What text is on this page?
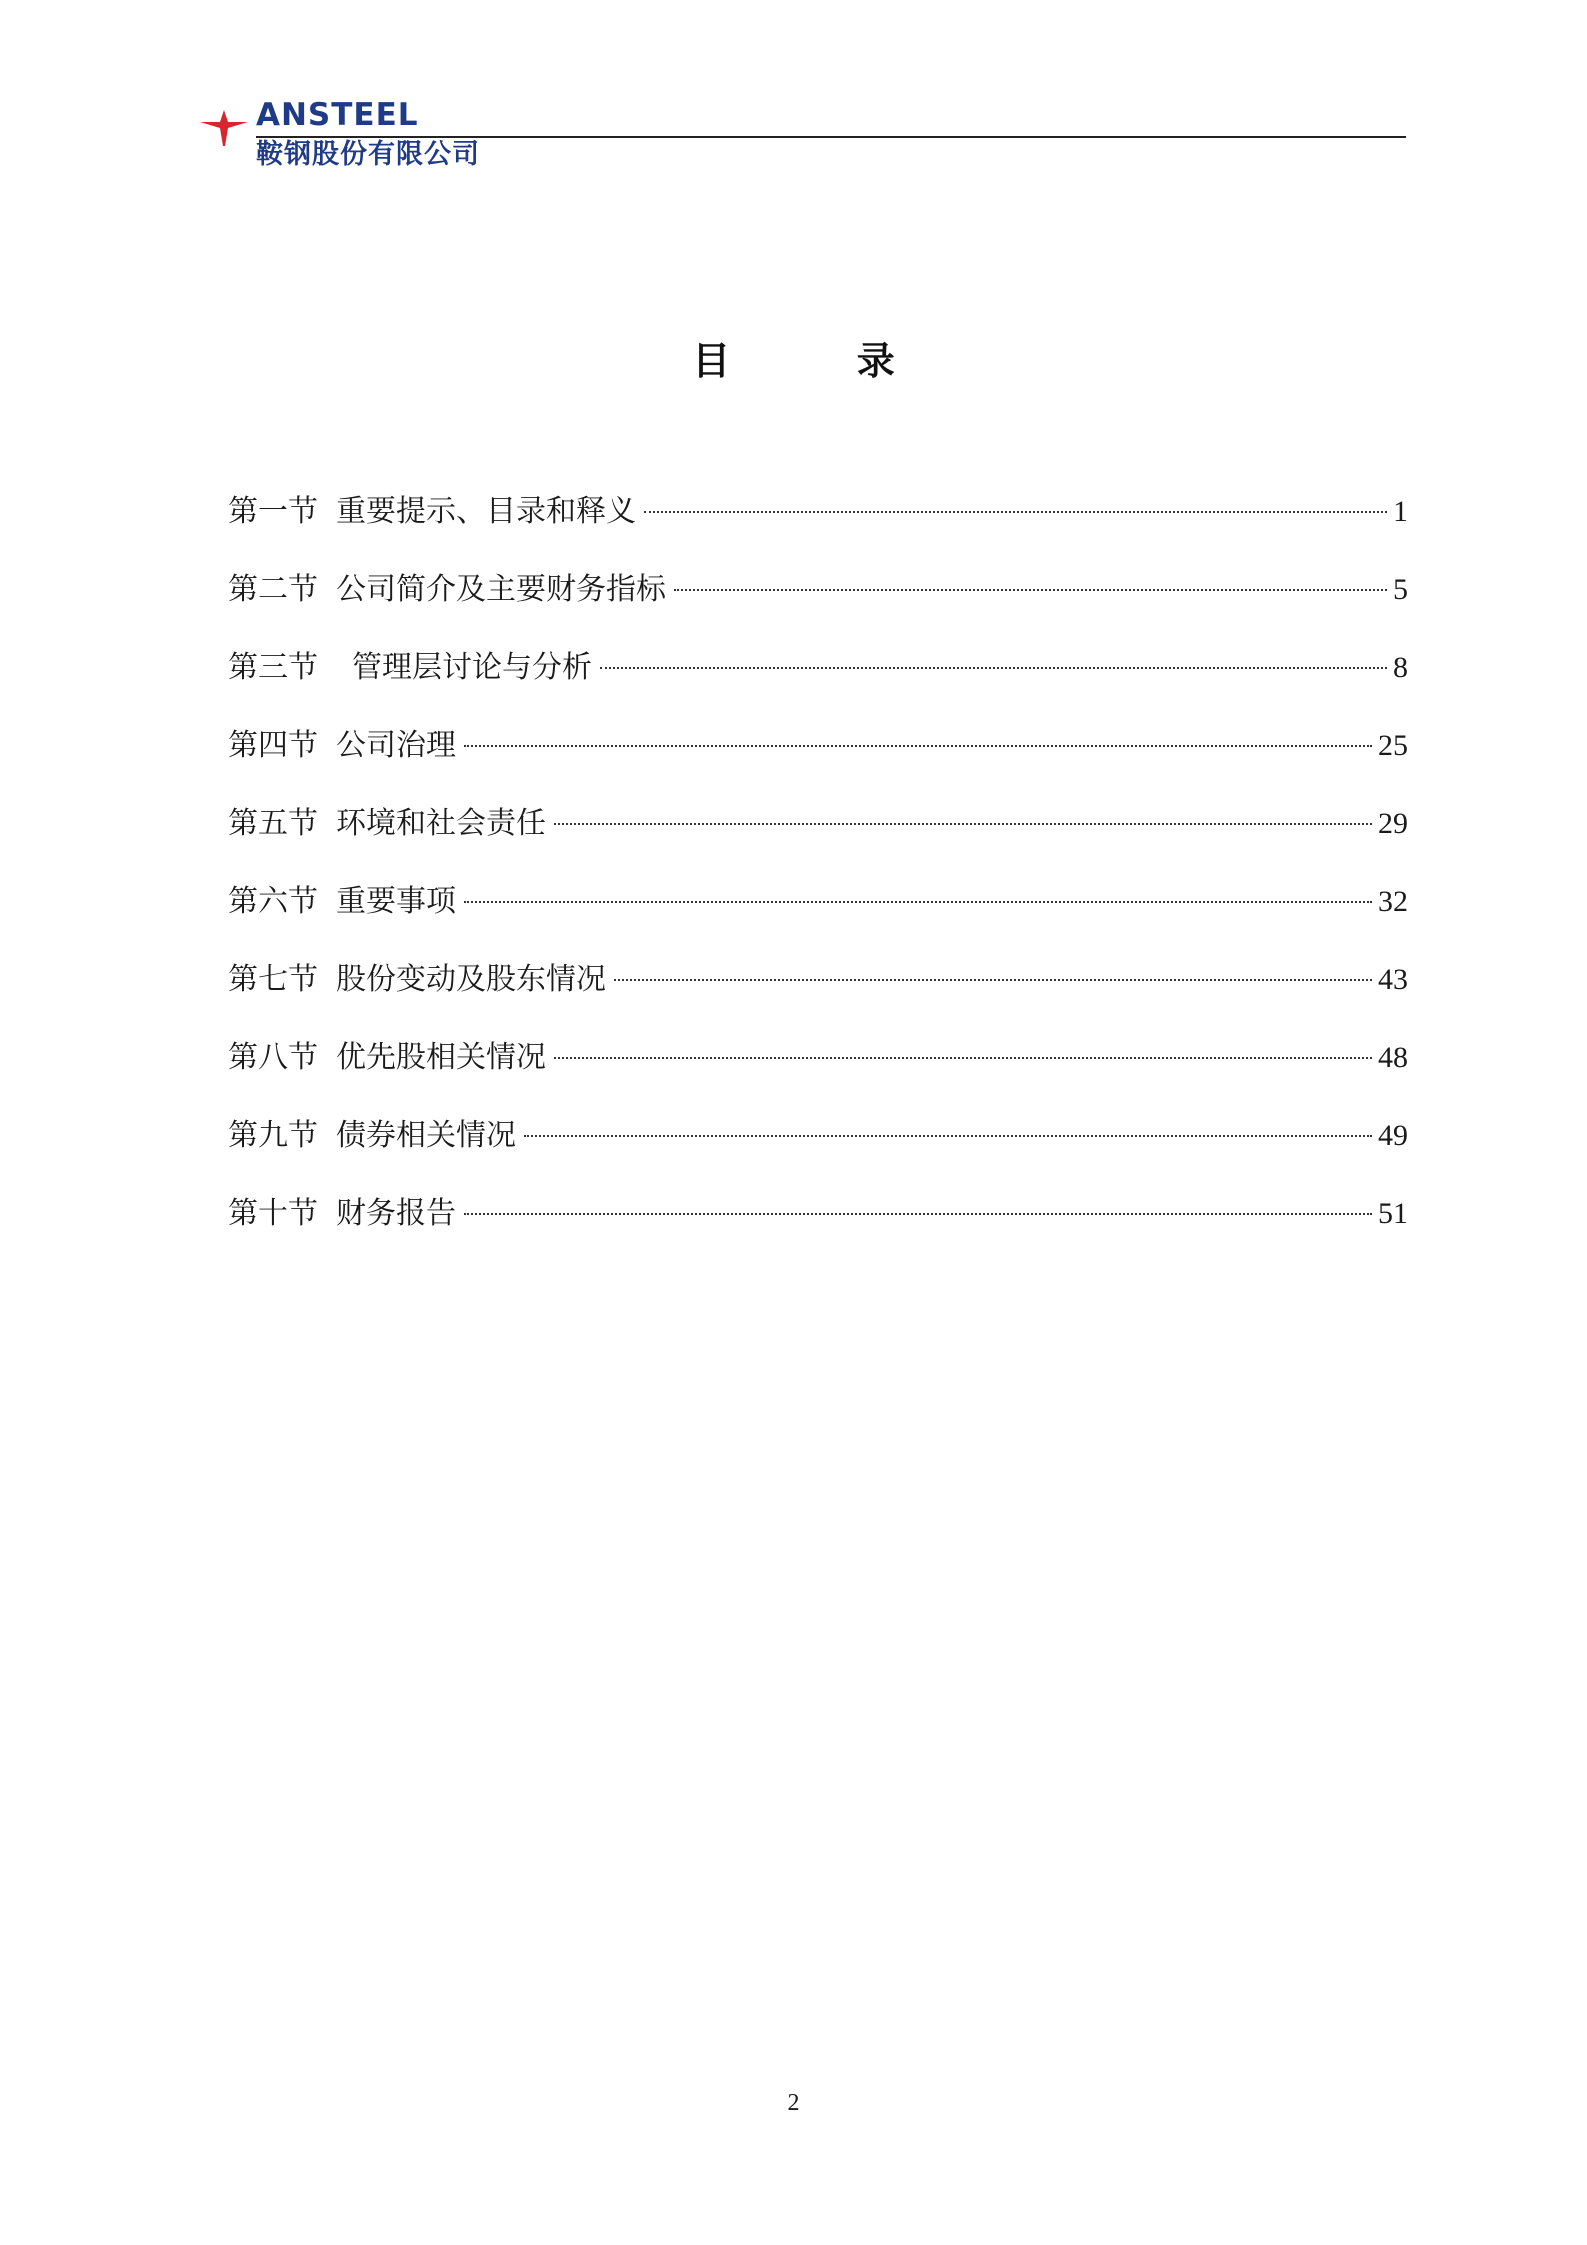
ANSTEEL
鞍钢股份有限公司
目	录
第一节 重要提示、目录和释义	1
第二节 公司简介及主要财务指标	5
第三节 管理层讨论与分析	8
第四节 公司治理	25
第五节 环境和社会责任	29
第六节 重要事项	32
第七节 股份变动及股东情况	43
第八节 优先股相关情况	48
第九节 债券相关情况	49
第十节 财务报告	51
2
